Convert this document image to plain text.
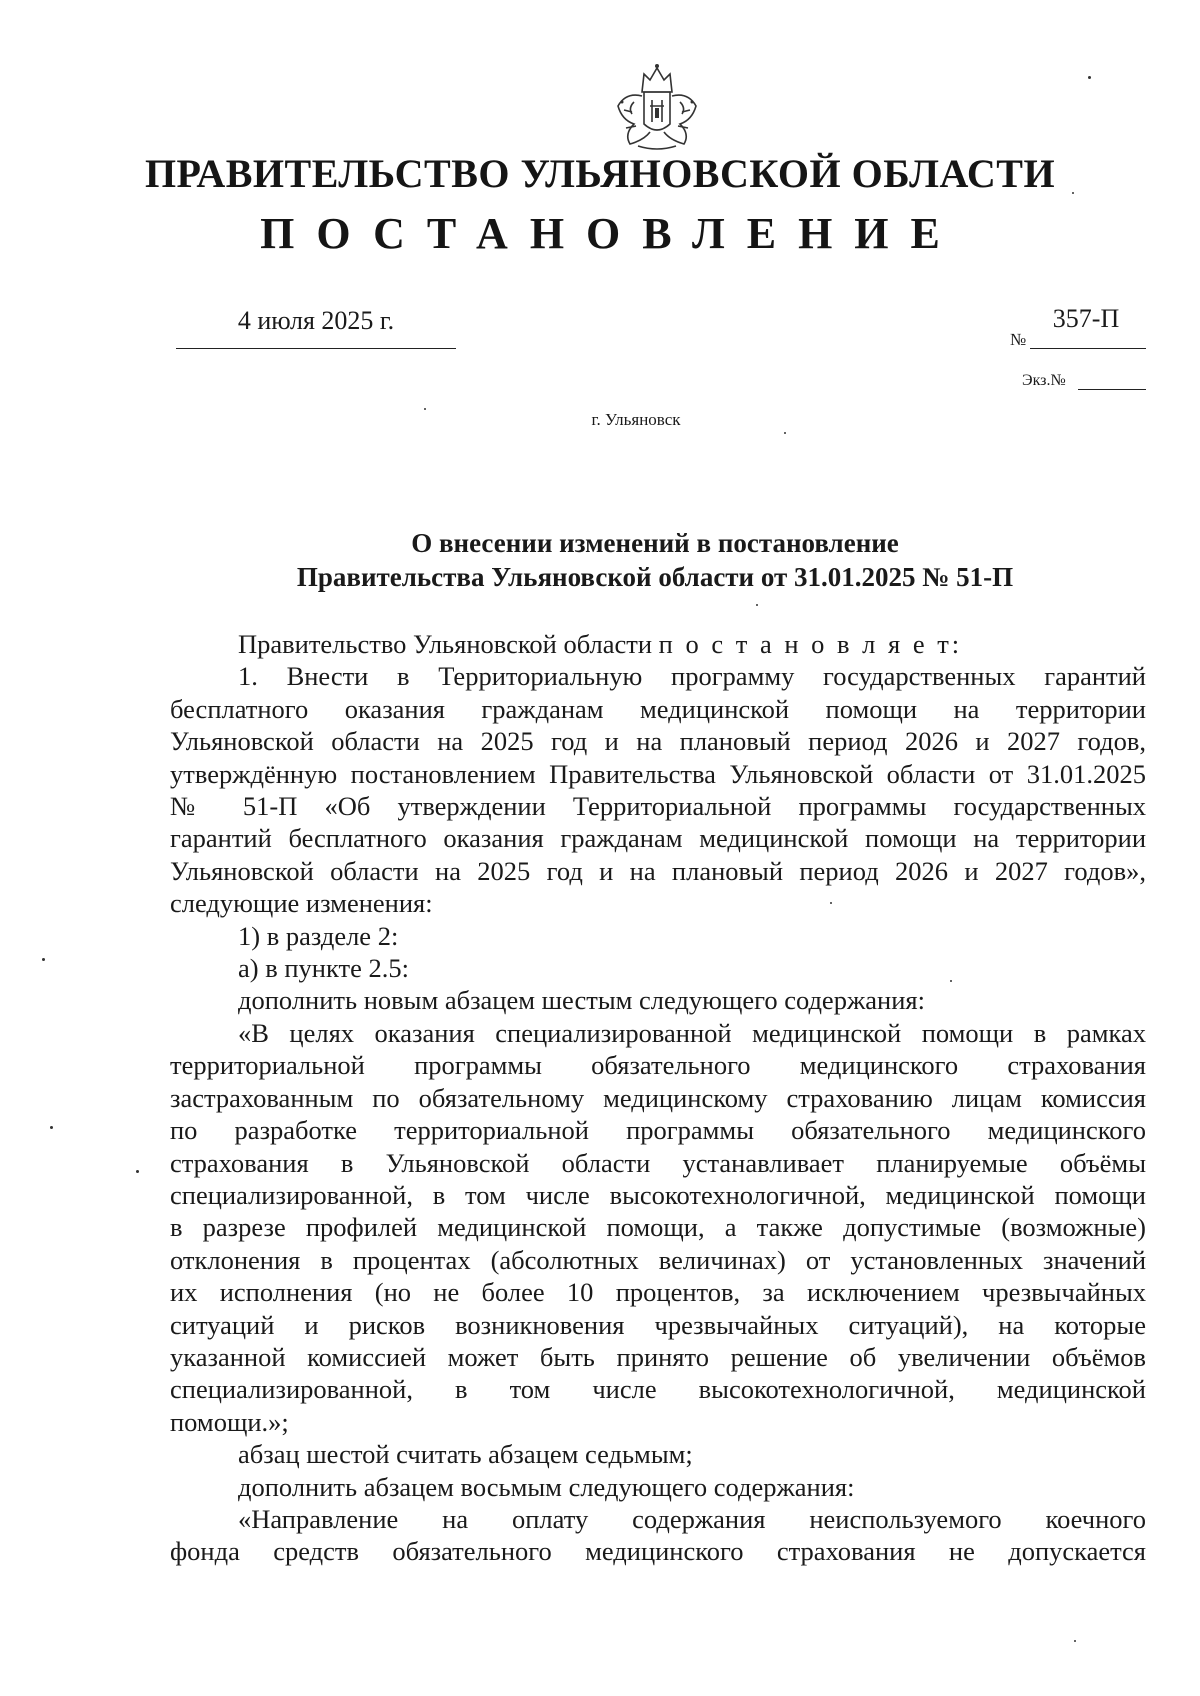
ПРАВИТЕЛЬСТВО УЛЬЯНОВСКОЙ ОБЛАСТИ
ПОСТАНОВЛЕНИЕ
4 июля 2025 г.
№
357-П
Экз.№
г. Ульяновск
О внесении изменений в постановление
Правительства Ульяновской области от 31.01.2025 № 51-П
Правительство Ульяновской области п о с т а н о в л я е т:
1. Внести в Территориальную программу государственных гарантий
бесплатного оказания гражданам медицинской помощи на территории
Ульяновской области на 2025 год и на плановый период 2026 и 2027 годов,
утверждённую постановлением Правительства Ульяновской области от 31.01.2025
№ 51-П «Об утверждении Территориальной программы государственных
гарантий бесплатного оказания гражданам медицинской помощи на территории
Ульяновской области на 2025 год и на плановый период 2026 и 2027 годов»,
следующие изменения:
1) в разделе 2:
а) в пункте 2.5:
дополнить новым абзацем шестым следующего содержания:
«В целях оказания специализированной медицинской помощи в рамках
территориальной программы обязательного медицинского страхования
застрахованным по обязательному медицинскому страхованию лицам комиссия
по разработке территориальной программы обязательного медицинского
страхования в Ульяновской области устанавливает планируемые объёмы
специализированной, в том числе высокотехнологичной, медицинской помощи
в разрезе профилей медицинской помощи, а также допустимые (возможные)
отклонения в процентах (абсолютных величинах) от установленных значений
их исполнения (но не более 10 процентов, за исключением чрезвычайных
ситуаций и рисков возникновения чрезвычайных ситуаций), на которые
указанной комиссией может быть принято решение об увеличении объёмов
специализированной, в том числе высокотехнологичной, медицинской
помощи.»;
абзац шестой считать абзацем седьмым;
дополнить абзацем восьмым следующего содержания:
«Направление на оплату содержания неиспользуемого коечного
фонда средств обязательного медицинского страхования не допускается
